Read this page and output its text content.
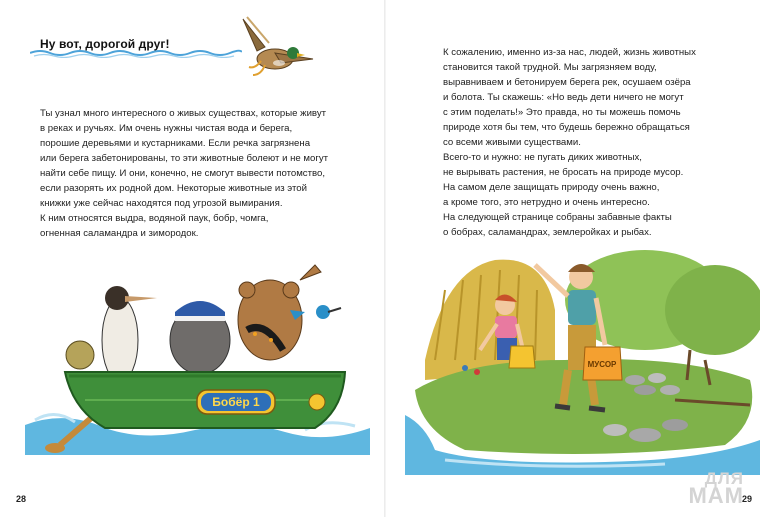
Ну вот, дорогой друг!
Ты узнал много интересного о живых существах, которые живут
в реках и ручьях. Им очень нужны чистая вода и берега,
порошие деревьями и кустарниками. Если речка загрязнена
или берега забетонированы, то эти животные болеют и не могут
найти себе пищу. И они, конечно, не смогут вывести потомство,
если разорять их родной дом. Некоторые животные из этой
книжки уже сейчас находятся под угрозой вымирания.
К ним относятся выдра, водяной паук, бобр, чомга,
огненная саламандра и зимородок.
Бобёр 1
28
К сожалению, именно из-за нас, людей, жизнь животных
становится такой трудной. Мы загрязняем воду,
выравниваем и бетонируем берега рек, осушаем озёра
и болота. Ты скажешь: «Но ведь дети ничего не могут
с этим поделать!» Это правда, но ты можешь помочь
природе хотя бы тем, что будешь бережно обращаться
со всеми живыми существами.
Всего-то и нужно: не пугать диких животных,
не вырывать растения, не бросать на природе мусор.
На самом деле защищать природу очень важно,
а кроме того, это нетрудно и очень интересно.
На следующей странице собраны забавные факты
о бобрах, саламандрах, землеройках и рыбах.
МУСОР
29
ДЛЯ
МАМ
